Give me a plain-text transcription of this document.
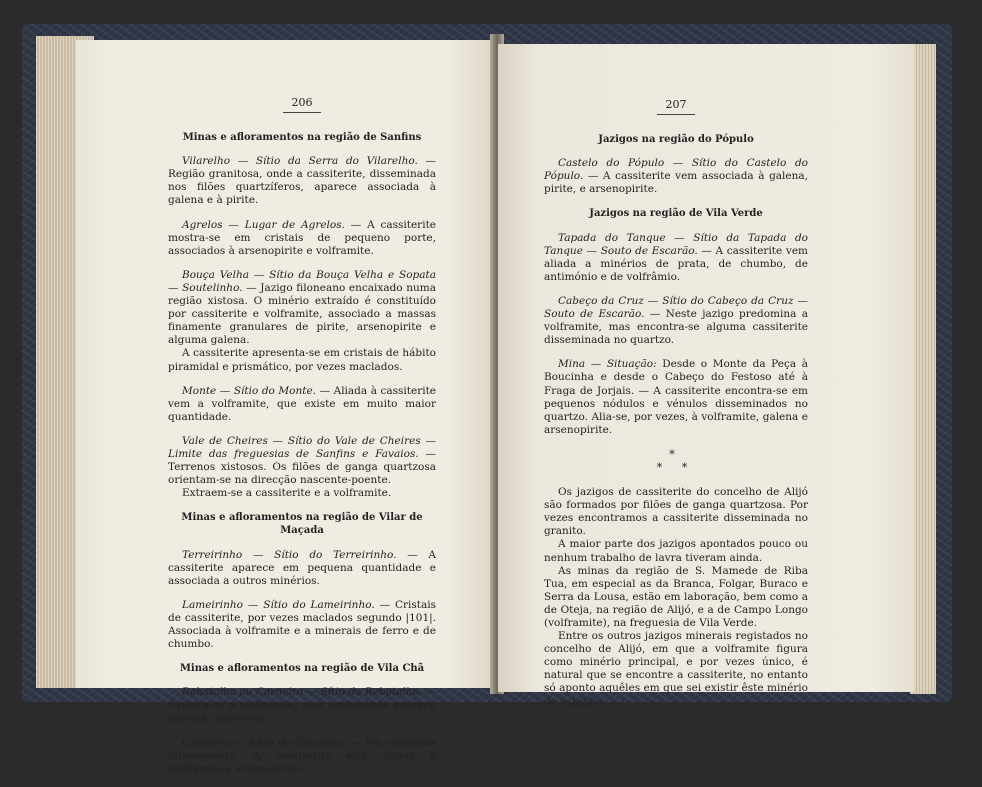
206
Minas e afloramentos na região de Sanfins

Vilarelho — Sítio da Serra do Vilarelho. — Região granitosa, onde a cassiterite, disseminada nos filões quartzíferos, aparece associada à galena e à pirite.

Agrelos — Lugar de Agrelos. — A cassiterite mostra-se em cristais de pequeno porte, associados à arsenopirite e volframite.

Bouça Velha — Sítio da Bouça Velha e Sopata — Soutelinho. — Jazigo filoneano encaixado numa região xistosa. O minério extraído é constituído por cassiterite e volframite, associado a massas finamente granulares de pirite, arsenopirite e alguma galena.

A cassiterite apresenta-se em cristais de hábito piramidal e prismático, por vezes maclados.

Monte — Sítio do Monte. — Aliada à cassiterite vem a volframite, que existe em muito maior quantidade.

Vale de Cheires — Sítio do Vale de Cheires — Limite das freguesias de Sanfins e Favaios. — Terrenos xistosos. Os filões de ganga quartzosa orientam-se na direcção nascente-poente.

Extraem-se a cassiterite e a volframite.

Minas e afloramentos na região de Vilar de Maçada

Terreirinho — Sítio do Terreirinho. — A cassiterite aparece em pequena quantidade e associada a outros minérios.

Lameirinho — Sítio do Lameirinho. — Cristais de cassiterite, por vezes maclados segundo |101|. Associada à volframite e a minerais de ferro e de chumbo.

Minas e afloramentos na região de Vila Chã

Rebatalha ou Carneiro — Sítio da Rebatalho. — Explora-se a volframite, mas juntamente aparece alguma cassiterite.

Cânceiro — Sítio do Cânceiro. — Foi registada últimamente. A cassiterite está aliada à volframite e arsenopirite.

207
Jazigos na região do Pópulo

Castelo do Pópulo — Sítio do Castelo do Pópulo. — A cassiterite vem associada à galena, pirite, e arsenopirite.

Jazigos na região de Vila Verde

Tapada do Tanque — Sítio da Tapada do Tanque — Souto de Escarão. — A cassiterite vem aliada a minérios de prata, de chumbo, de antimónio e de volfrâmio.

Cabeço da Cruz — Sítio do Cabeço da Cruz — Souto de Escarão. — Neste jazigo predomina a volframite, mas encontra-se alguma cassiterite disseminada no quartzo.

Mina — Situação: Desde o Monte da Peça à Boucinha e desde o Cabeço do Festoso até à Fraga de Jorjais. — A cassiterite encontra-se em pequenos nódulos e vénulos disseminados no quartzo. Alia-se, por vezes, à volframite, galena e arsenopirite.

*
* *

Os jazigos de cassiterite do concelho de Alijó são formados por filões de ganga quartzosa. Por vezes encontramos a cassiterite disseminada no granito.

A maior parte dos jazigos apontados pouco ou nenhum trabalho de lavra tiveram ainda.

As minas da região de S. Mamede de Riba Tua, em especial as da Branca, Folgar, Buraco e Serra da Lousa, estão em laboração, bem como a de Oteja, na região de Alijó, e a de Campo Longo (volframite), na freguesia de Vila Verde.

Entre os outros jazigos minerais registados no concelho de Alijó, em que a volframite figura como minério principal, e por vezes único, é natural que se encontre a cassiterite, no entanto só aponto aquêles em que sei existir êste minério de estanho.
